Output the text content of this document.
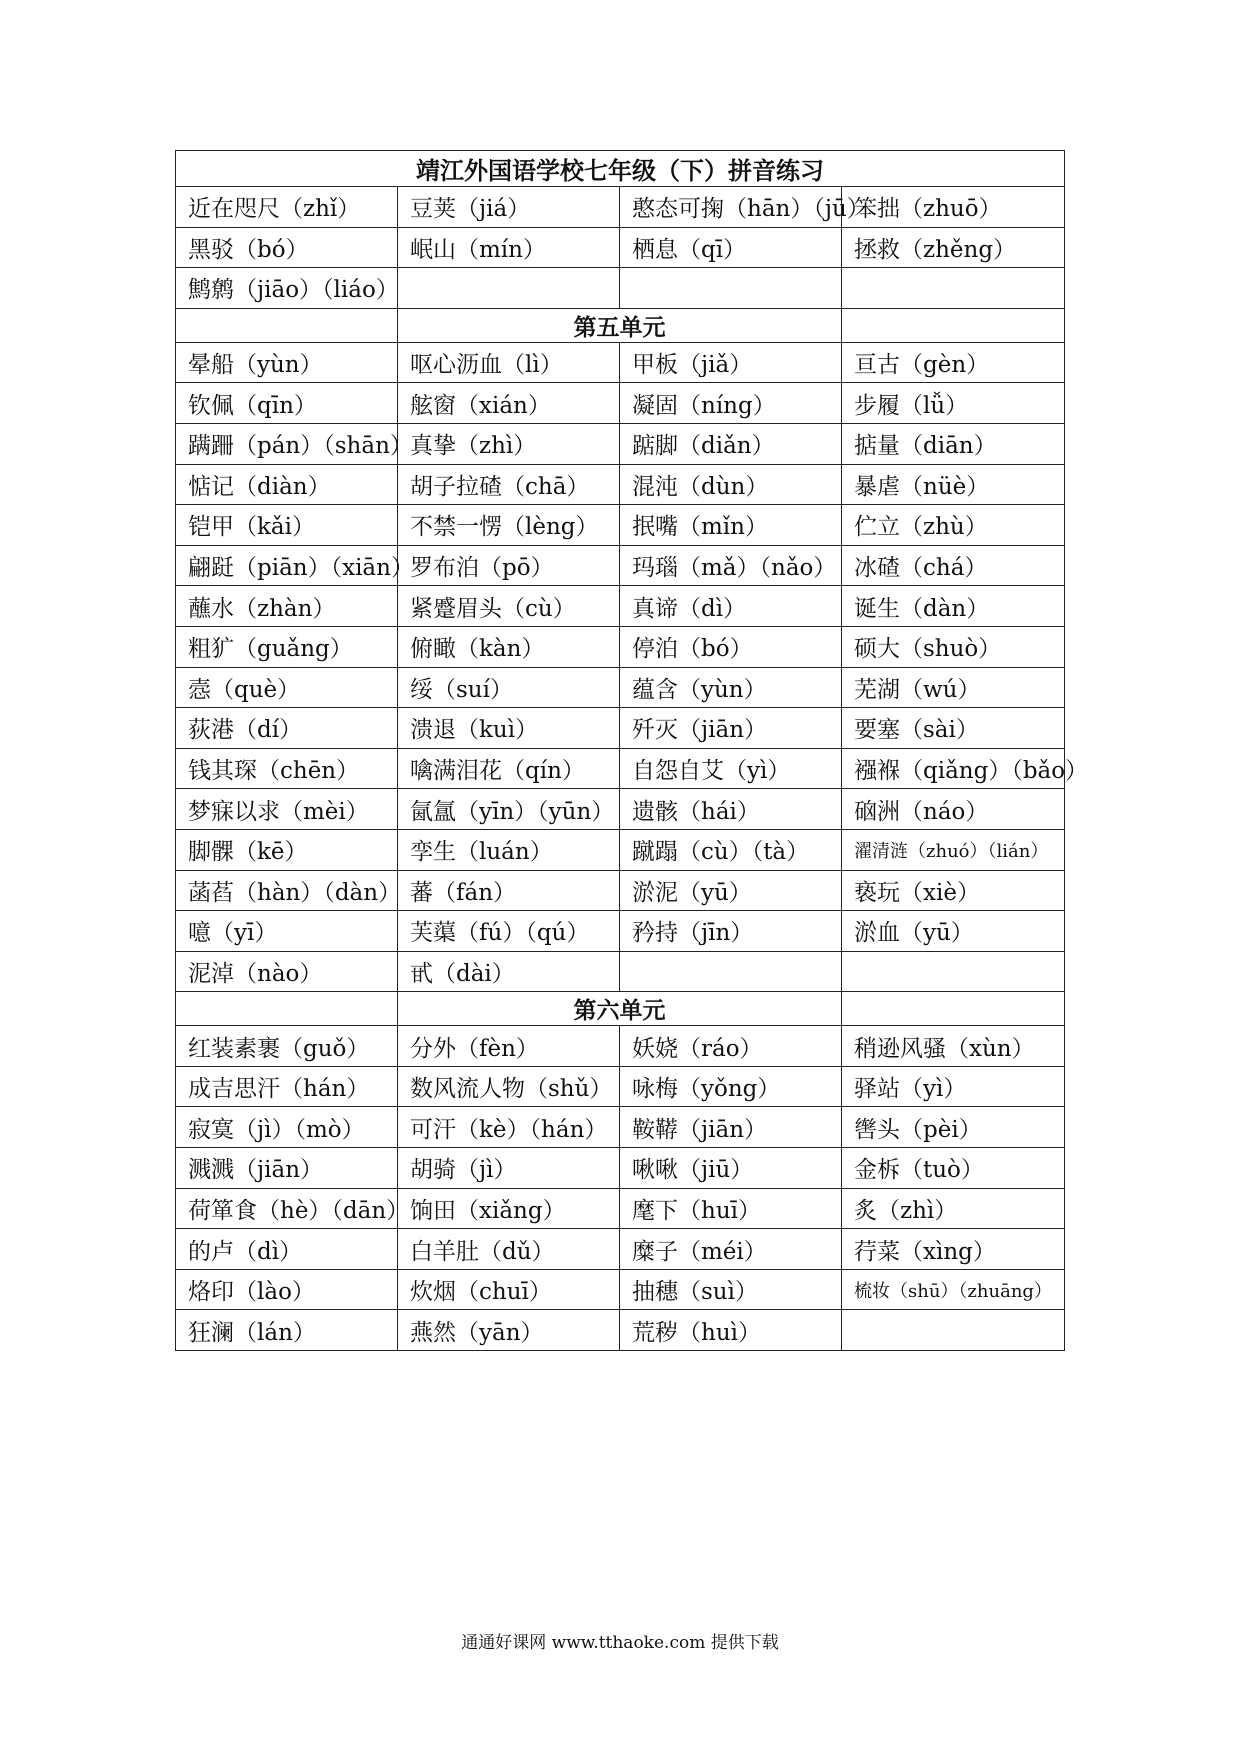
靖江外国语学校七年级（下）拼音练习			
近在咫尺（zhǐ）	豆荚（jiá）	憨态可掬（hān）（jū）	笨拙（zhuō）
黑驳（bó）	岷山（mín）	栖息（qī）	拯救（zhěng）
鹪鹩（jiāo）（liáo）			
	第五单元		
晕船（yùn）	呕心沥血（lì）	甲板（jiǎ）	亘古（gèn）
钦佩（qīn）	舷窗（xián）	凝固（níng）	步履（lǚ）
蹒跚（pán）（shān）	真挚（zhì）	踮脚（diǎn）	掂量（diān）
惦记（diàn）	胡子拉碴（chā）	混沌（dùn）	暴虐（nüè）
铠甲（kǎi）	不禁一愣（lèng）	抿嘴（mǐn）	伫立（zhù）
翩跹（piān）（xiān）	罗布泊（pō）	玛瑙（mǎ）（nǎo）	冰碴（chá）
蘸水（zhàn）	紧蹙眉头（cù）	真谛（dì）	诞生（dàn）
粗犷（guǎng）	俯瞰（kàn）	停泊（bó）	硕大（shuò）
悫（què）	绥（suí）	蕴含（yùn）	芜湖（wú）
荻港（dí）	溃退（kuì）	歼灭（jiān）	要塞（sài）
钱其琛（chēn）	噙满泪花（qín）	自怨自艾（yì）	襁褓（qiǎng）（bǎo）
梦寐以求（mèi）	氤氲（yīn）（yūn）	遗骸（hái）	硇洲（náo）
脚髁（kē）	孪生（luán）	蹴蹋（cù）（tà）	濯清涟（zhuó）（lián）
菡萏（hàn）（dàn）	蕃（fán）	淤泥（yū）	亵玩（xiè）
噫（yī）	芙蕖（fú）（qú）	矜持（jīn）	淤血（yū）
泥淖（nào）	甙（dài）		
	第六单元		
红装素裹（guǒ）	分外（fèn）	妖娆（ráo）	稍逊风骚（xùn）
成吉思汗（hán）	数风流人物（shǔ）	咏梅（yǒng）	驿站（yì）
寂寞（jì）（mò）	可汗（kè）（hán）	鞍鞯（jiān）	辔头（pèi）
溅溅（jiān）	胡骑（jì）	啾啾（jiū）	金柝（tuò）
荷箪食（hè）（dān）	饷田（xiǎng）	麾下（huī）	炙（zhì）
的卢（dì）	白羊肚（dǔ）	糜子（méi）	荇菜（xìng）
烙印（lào）	炊烟（chuī）	抽穗（suì）	梳妆（shū）（zhuāng）
狂澜（lán）	燕然（yān）	荒秽（huì）	
通通好课网 www.tthaoke.com 提供下载
